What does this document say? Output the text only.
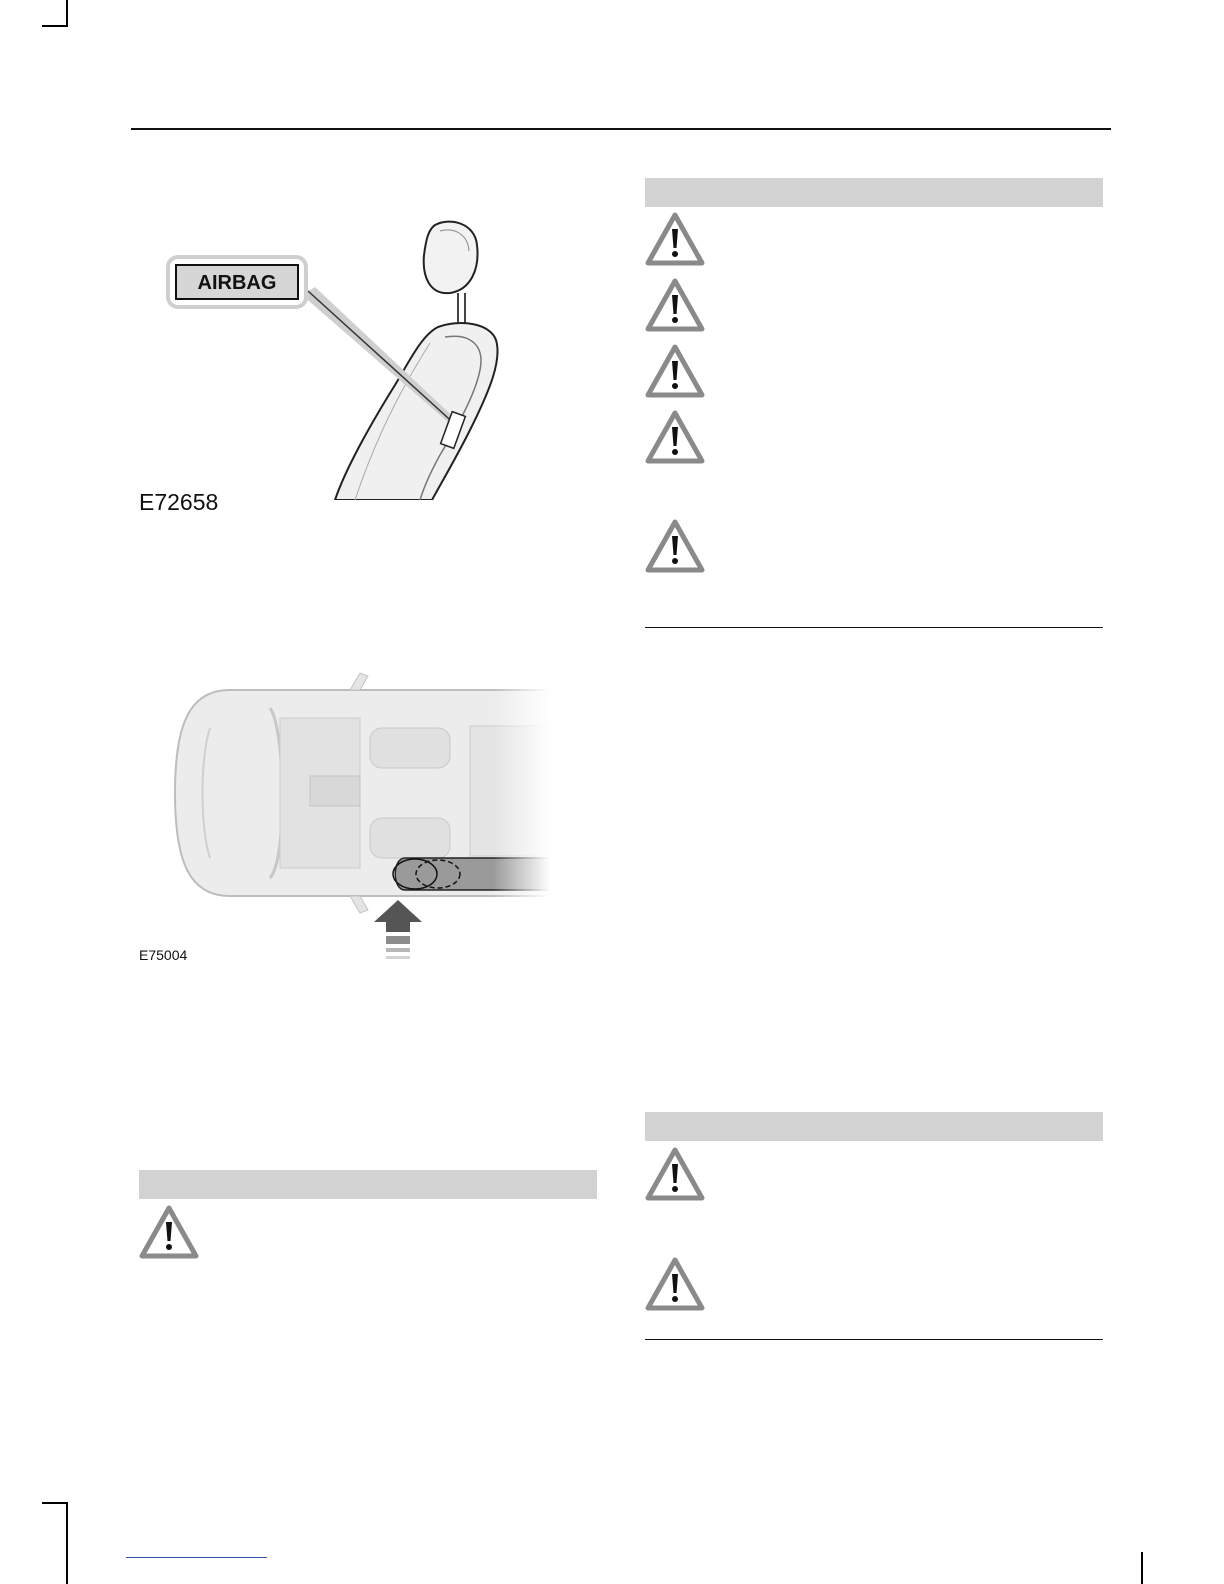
AIRBAG
E72658
E75004
